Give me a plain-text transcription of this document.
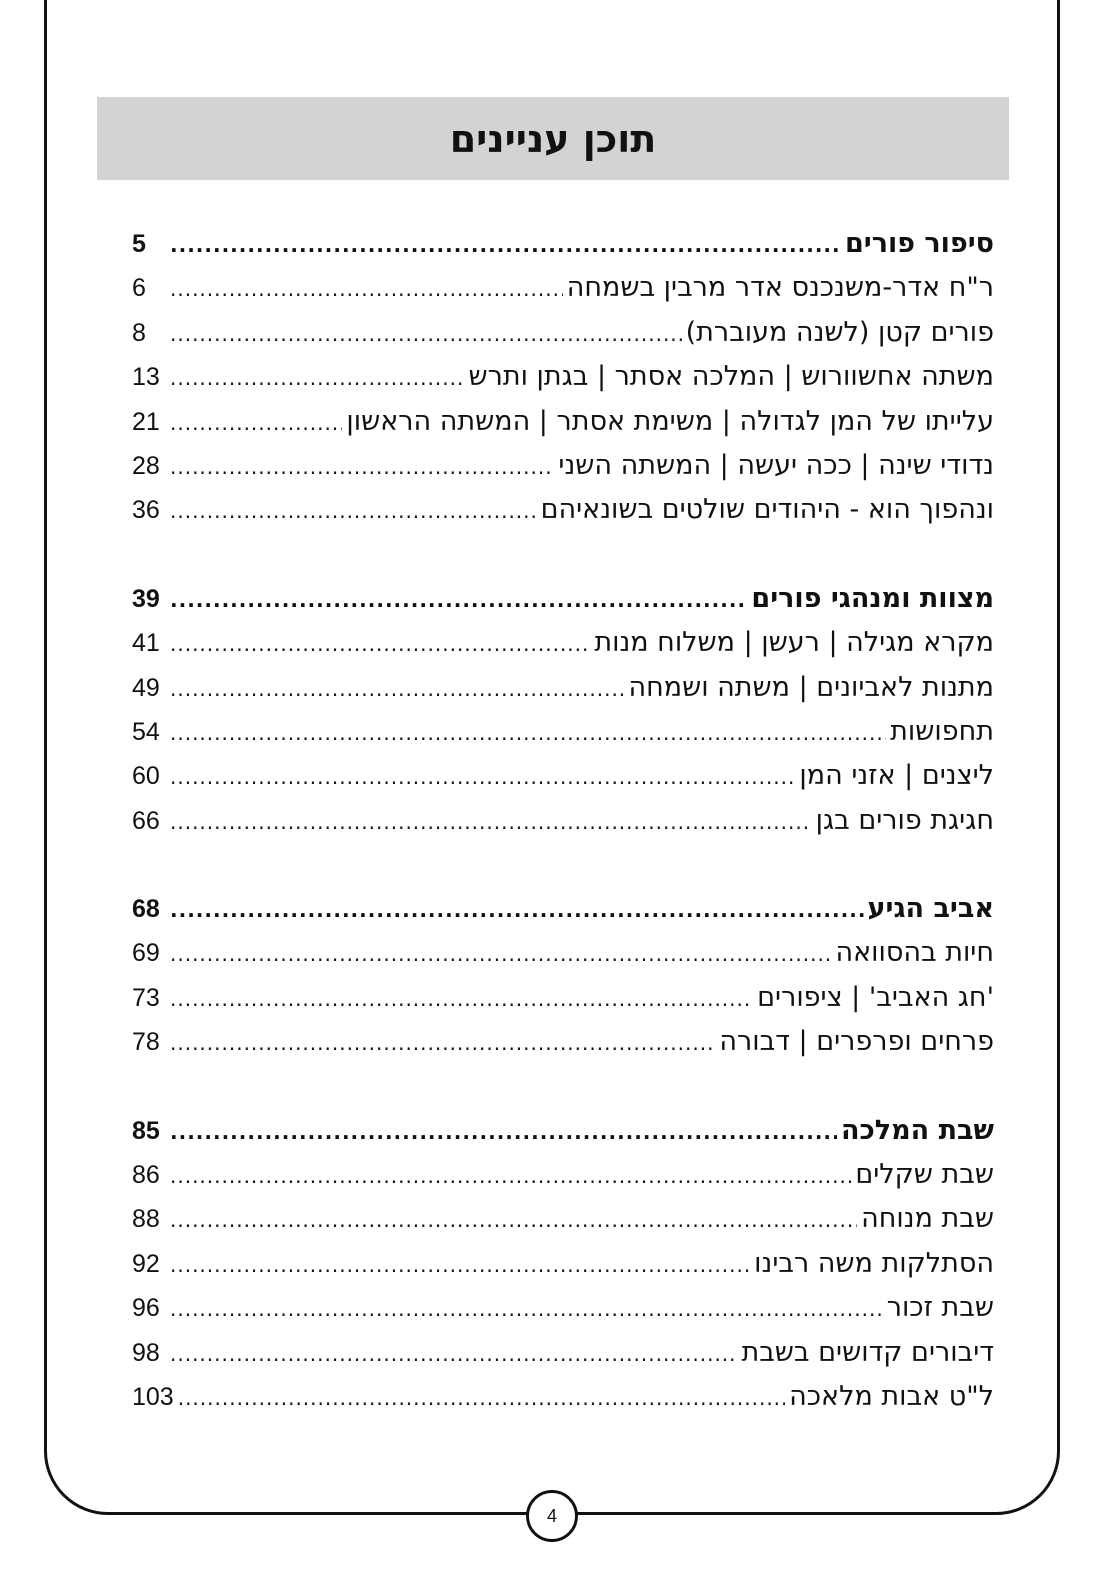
תוכן עניינים
סיפור פורים
.....
5
ר"ח אדר-משנכנס אדר מרבין בשמחה
.....
6
פורים קטן (לשנה מעוברת)
.....
8
משתה אחשוורוש | המלכה אסתר | בגתן ותרש
.....
13
עלייתו של המן לגדולה | משימת אסתר | המשתה הראשון
.....
21
נדודי שינה | ככה יעשה | המשתה השני
.....
28
ונהפוך הוא - היהודים שולטים בשונאיהם
.....
36
מצוות ומנהגי פורים
.....
39
מקרא מגילה | רעשן | משלוח מנות
.....
41
מתנות לאביונים | משתה ושמחה
.....
49
תחפושות
.....
54
ליצנים | אזני המן
.....
60
חגיגת פורים בגן
.....
66
אביב הגיע
.....
68
חיות בהסוואה
.....
69
'חג האביב' | ציפורים
.....
73
פרחים ופרפרים | דבורה
.....
78
שבת המלכה
.....
85
שבת שקלים
.....
86
שבת מנוחה
.....
88
הסתלקות משה רבינו
.....
92
שבת זכור
.....
96
דיבורים קדושים בשבת
.....
98
ל"ט אבות מלאכה
.....
103
4
